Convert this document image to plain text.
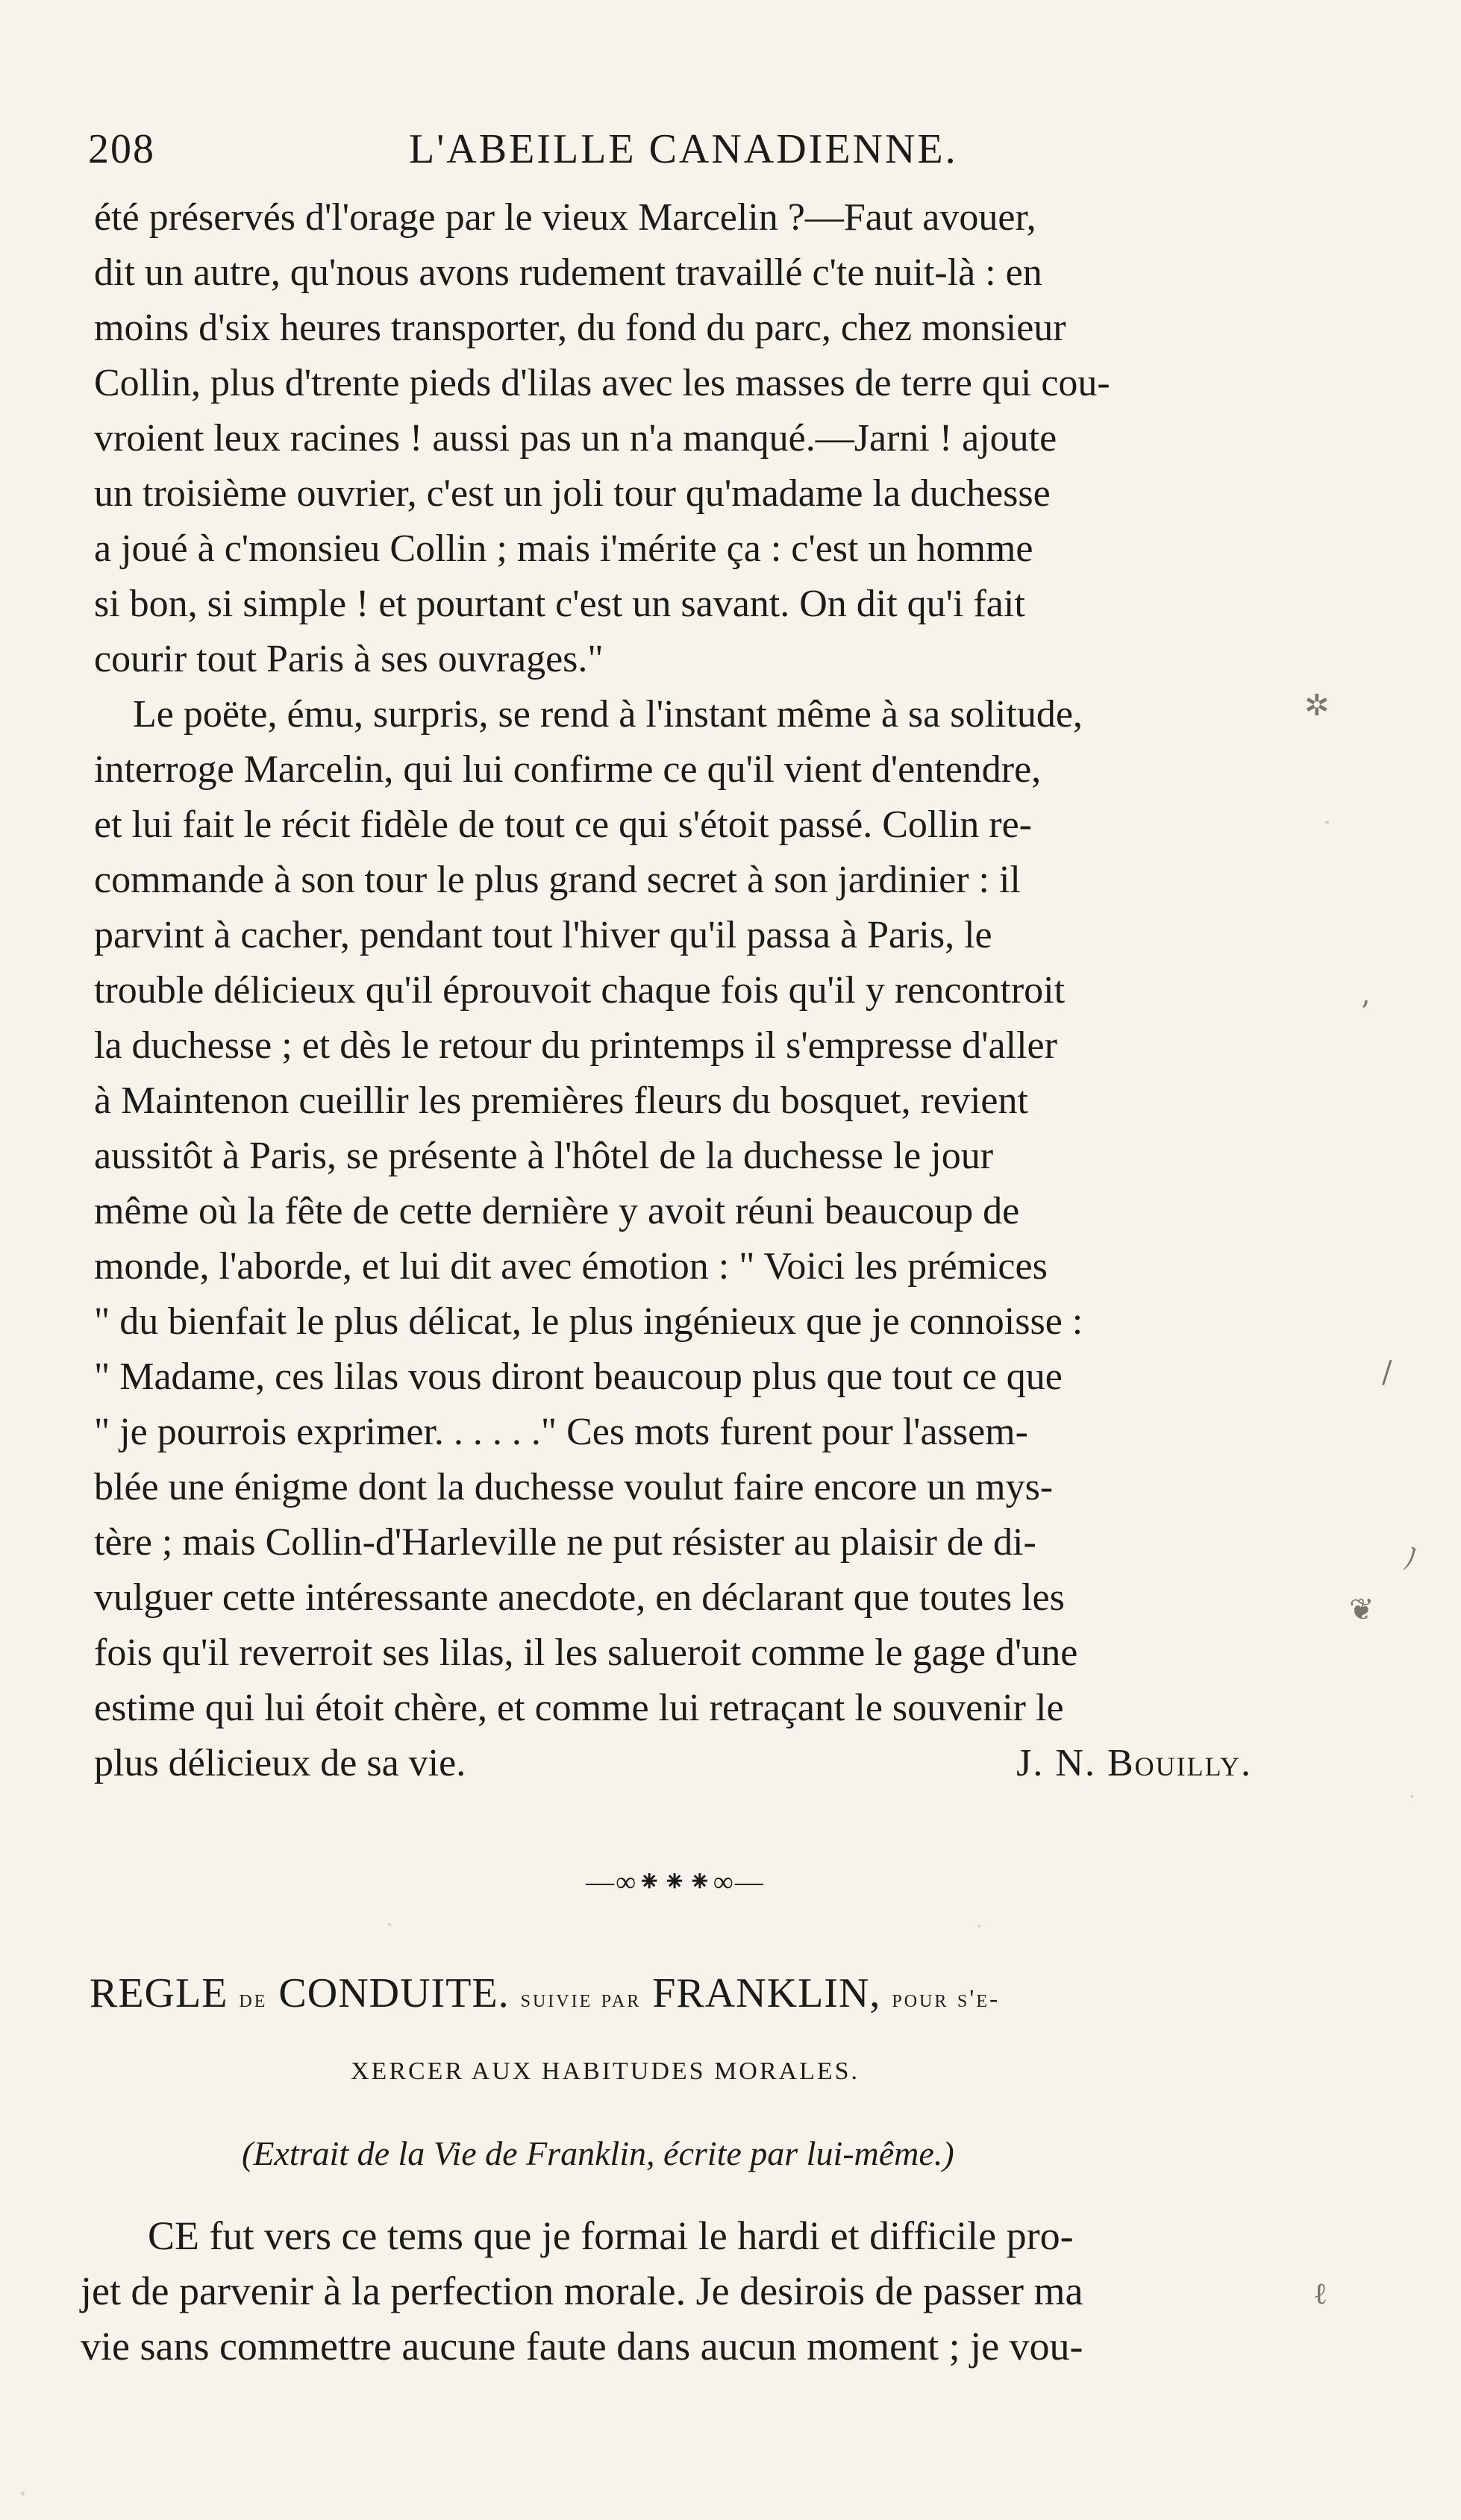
208	L'ABEILLE CANADIENNE.
été préservés d'l'orage par le vieux Marcelin ?—Faut avouer,
dit un autre, qu'nous avons rudement travaillé c'te nuit-là : en
moins d'six heures transporter, du fond du parc, chez monsieur
Collin, plus d'trente pieds d'lilas avec les masses de terre qui cou-
vroient leux racines ! aussi pas un n'a manqué.—Jarni ! ajoute
un troisième ouvrier, c'est un joli tour qu'madame la duchesse
a joué à c'monsieu Collin ; mais i'mérite ça : c'est un homme
si bon, si simple ! et pourtant c'est un savant. On dit qu'i fait
courir tout Paris à ses ouvrages."
Le poëte, ému, surpris, se rend à l'instant même à sa solitude,
interroge Marcelin, qui lui confirme ce qu'il vient d'entendre,
et lui fait le récit fidèle de tout ce qui s'étoit passé. Collin re-
commande à son tour le plus grand secret à son jardinier : il
parvint à cacher, pendant tout l'hiver qu'il passa à Paris, le
trouble délicieux qu'il éprouvoit chaque fois qu'il y rencontroit
la duchesse ; et dès le retour du printemps il s'empresse d'aller
à Maintenon cueillir les premières fleurs du bosquet, revient
aussitôt à Paris, se présente à l'hôtel de la duchesse le jour
même où la fête de cette dernière y avoit réuni beaucoup de
monde, l'aborde, et lui dit avec émotion : " Voici les prémices
" du bienfait le plus délicat, le plus ingénieux que je connoisse :
" Madame, ces lilas vous diront beaucoup plus que tout ce que
" je pourrois exprimer. . . . . ." Ces mots furent pour l'assem-
blée une énigme dont la duchesse voulut faire encore un mys-
tère ; mais Collin-d'Harleville ne put résister au plaisir de di-
vulguer cette intéressante anecdote, en déclarant que toutes les
fois qu'il reverroit ses lilas, il les salueroit comme le gage d'une
estime qui lui étoit chère, et comme lui retraçant le souvenir le
plus délicieux de sa vie.	J. N. Bouilly.
—∞⁕⁕⁕∞—
REGLE de CONDUITE. suivie par FRANKLIN, pour s'e-
XERCER AUX HABITUDES MORALES.
(Extrait de la Vie de Franklin, écrite par lui-même.)
CE fut vers ce tems que je formai le hardi et difficile pro-
jet de parvenir à la perfection morale. Je desirois de passer ma
vie sans commettre aucune faute dans aucun moment ; je vou-
✲
ʼ
/
ﾉ
❦
ℓ
